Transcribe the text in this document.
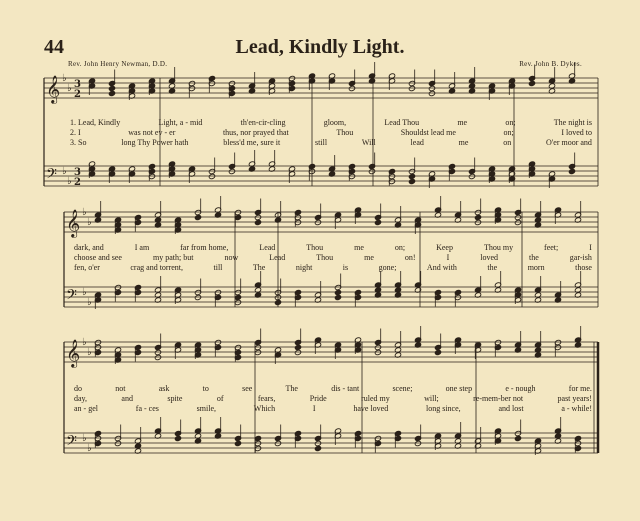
44	Lead, Kindly Light.
Rev. John Henry Newman, D.D.	Rev. John B. Dykes.
𝄞 ♭
♭ 3
2
𝄢 ♭
♭
3
2
𝄞 ♭
♭
𝄢 ♭
♭
𝄞 ♭
♭
𝄢 ♭
♭
1. Lead, Kindly	Light, a - mid	th'en-cir-cling	gloom,	Lead Thou	me	on;	The night is
2. I	was not ev - er	thus, nor prayed that	Thou	Shouldst lead me	on;	I loved to
3. So	long Thy Power hath	bless'd me, sure it	still	Will	lead	me	on	O'er moor and
dark, and	I am	far from home,	Lead	Thou	me	on;	Keep	Thou my	feet;	I
choose and see	my path; but	now	Lead	Thou	me	on!	I	loved	the	gar-ish
fen, o'er	crag and torrent,	till	The	night	is	gone;	And with	the	morn	those
do	not	ask	to	see	The	dis - tant	scene;	one step	e - nough	for me.
day,	and	spite	of	fears,	Pride	ruled my	will;	re-mem-ber not	past years!
an - gel	fa - ces	smile,	Which	I	have loved	long since,	and lost	a - while!
